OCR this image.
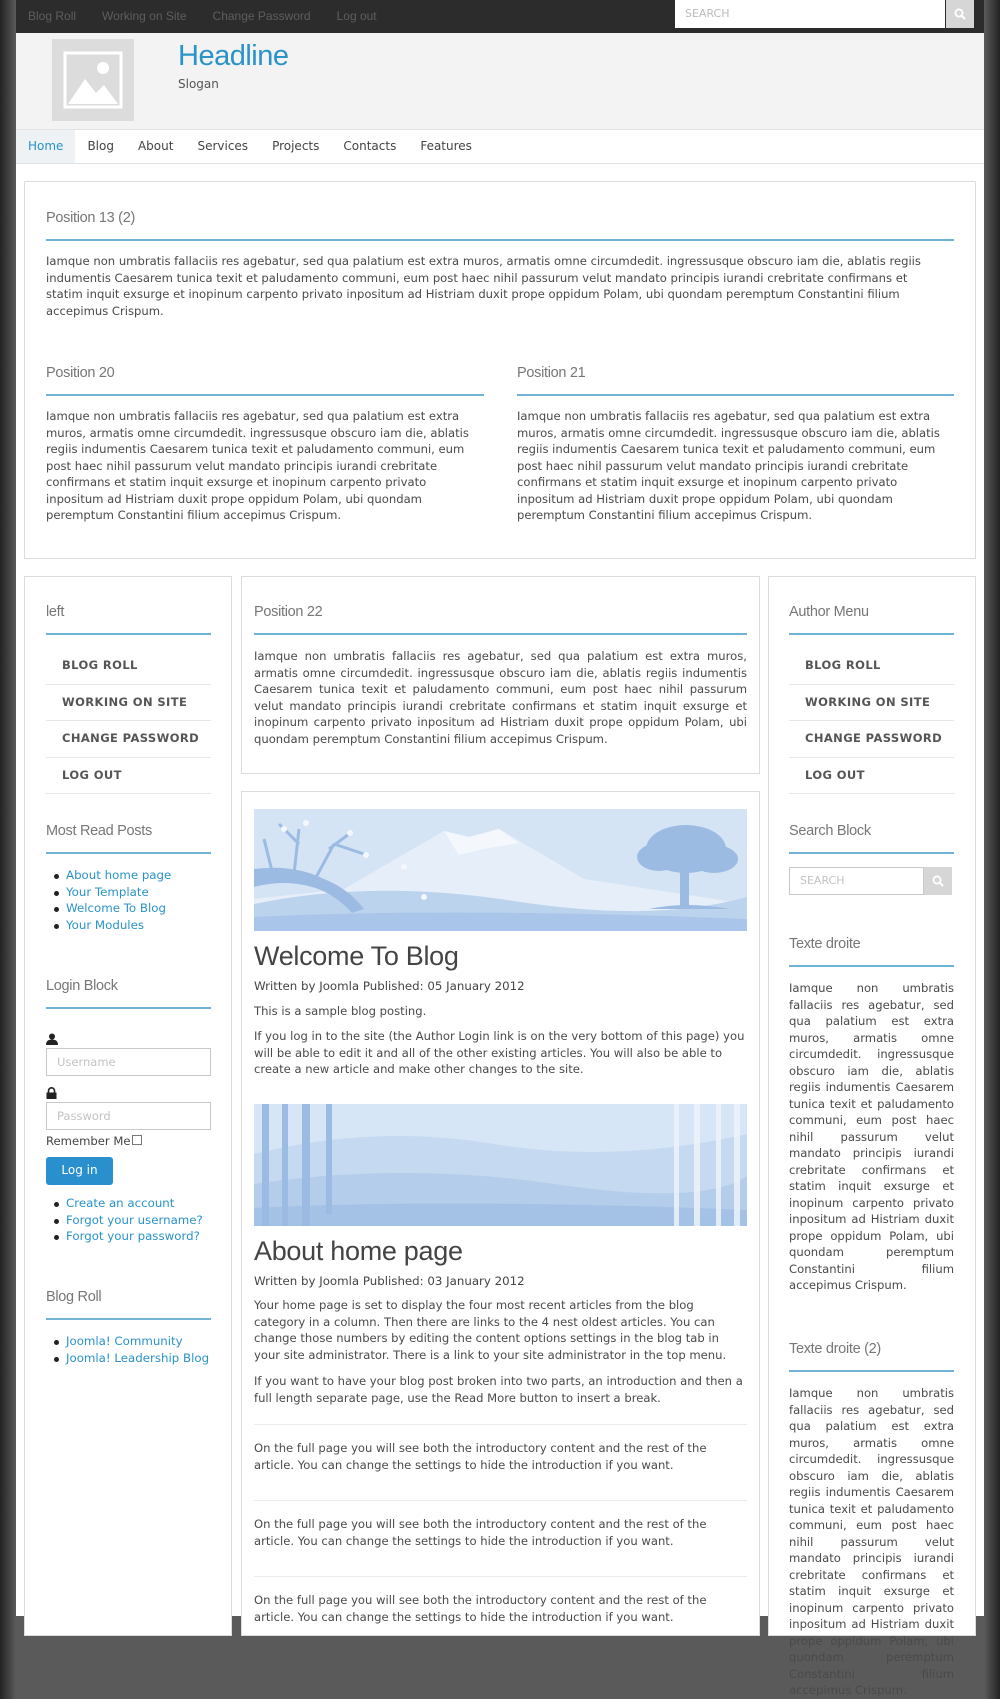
Blog Roll Working on Site Change Password Log out	SEARCH
Headline
Slogan
Home	Blog	About	Services	Projects	Contacts	Features
Position 13 (2)
Iamque non umbratis fallaciis res agebatur, sed qua palatium est extra muros, armatis omne circumdedit. ingressusque obscuro iam die, ablatis regiis indumentis Caesarem tunica texit et paludamento communi, eum post haec nihil passurum velut mandato principis iurandi crebritate confirmans et statim inquit exsurge et inopinum carpento privato inpositum ad Histriam duxit prope oppidum Polam, ubi quondam peremptum Constantini filium accepimus Crispum.
Position 20
Iamque non umbratis fallaciis res agebatur, sed qua palatium est extra muros, armatis omne circumdedit. ingressusque obscuro iam die, ablatis regiis indumentis Caesarem tunica texit et paludamento communi, eum post haec nihil passurum velut mandato principis iurandi crebritate confirmans et statim inquit exsurge et inopinum carpento privato inpositum ad Histriam duxit prope oppidum Polam, ubi quondam peremptum Constantini filium accepimus Crispum.
Position 21
Iamque non umbratis fallaciis res agebatur, sed qua palatium est extra muros, armatis omne circumdedit. ingressusque obscuro iam die, ablatis regiis indumentis Caesarem tunica texit et paludamento communi, eum post haec nihil passurum velut mandato principis iurandi crebritate confirmans et statim inquit exsurge et inopinum carpento privato inpositum ad Histriam duxit prope oppidum Polam, ubi quondam peremptum Constantini filium accepimus Crispum.
left
BLOG ROLL
WORKING ON SITE
CHANGE PASSWORD
LOG OUT
Most Read Posts
About home page
Your Template
Welcome To Blog
Your Modules
Login Block
Username
Password
Remember Me
Log in
Create an account
Forgot your username?
Forgot your password?
Blog Roll
Joomla! Community
Joomla! Leadership Blog
Position 22
Iamque non umbratis fallaciis res agebatur, sed qua palatium est extra muros, armatis omne circumdedit. ingressusque obscuro iam die, ablatis regiis indumentis Caesarem tunica texit et paludamento communi, eum post haec nihil passurum velut mandato principis iurandi crebritate confirmans et statim inquit exsurge et inopinum carpento privato inpositum ad Histriam duxit prope oppidum Polam, ubi quondam peremptum Constantini filium accepimus Crispum.
Welcome To Blog
Written by Joomla Published: 05 January 2012
This is a sample blog posting.
If you log in to the site (the Author Login link is on the very bottom of this page) you will be able to edit it and all of the other existing articles. You will also be able to create a new article and make other changes to the site.
About home page
Written by Joomla Published: 03 January 2012
Your home page is set to display the four most recent articles from the blog category in a column. Then there are links to the 4 nest oldest articles. You can change those numbers by editing the content options settings in the blog tab in your site administrator. There is a link to your site administrator in the top menu.
If you want to have your blog post broken into two parts, an introduction and then a full length separate page, use the Read More button to insert a break.
On the full page you will see both the introductory content and the rest of the article. You can change the settings to hide the introduction if you want.
On the full page you will see both the introductory content and the rest of the article. You can change the settings to hide the introduction if you want.
On the full page you will see both the introductory content and the rest of the article. You can change the settings to hide the introduction if you want.
Author Menu
BLOG ROLL
WORKING ON SITE
CHANGE PASSWORD
LOG OUT
Search Block
SEARCH
Texte droite
Iamque non umbratis fallaciis res agebatur, sed qua palatium est extra muros, armatis omne circumdedit. ingressusque obscuro iam die, ablatis regiis indumentis Caesarem tunica texit et paludamento communi, eum post haec nihil passurum velut mandato principis iurandi crebritate confirmans et statim inquit exsurge et inopinum carpento privato inpositum ad Histriam duxit prope oppidum Polam, ubi quondam peremptum Constantini filium accepimus Crispum.
Texte droite (2)
Iamque non umbratis fallaciis res agebatur, sed qua palatium est extra muros, armatis omne circumdedit. ingressusque obscuro iam die, ablatis regiis indumentis Caesarem tunica texit et paludamento communi, eum post haec nihil passurum velut mandato principis iurandi crebritate confirmans et statim inquit exsurge et inopinum carpento privato inpositum ad Histriam duxit prope oppidum Polam, ubi quondam peremptum Constantini filium accepimus Crispum.
